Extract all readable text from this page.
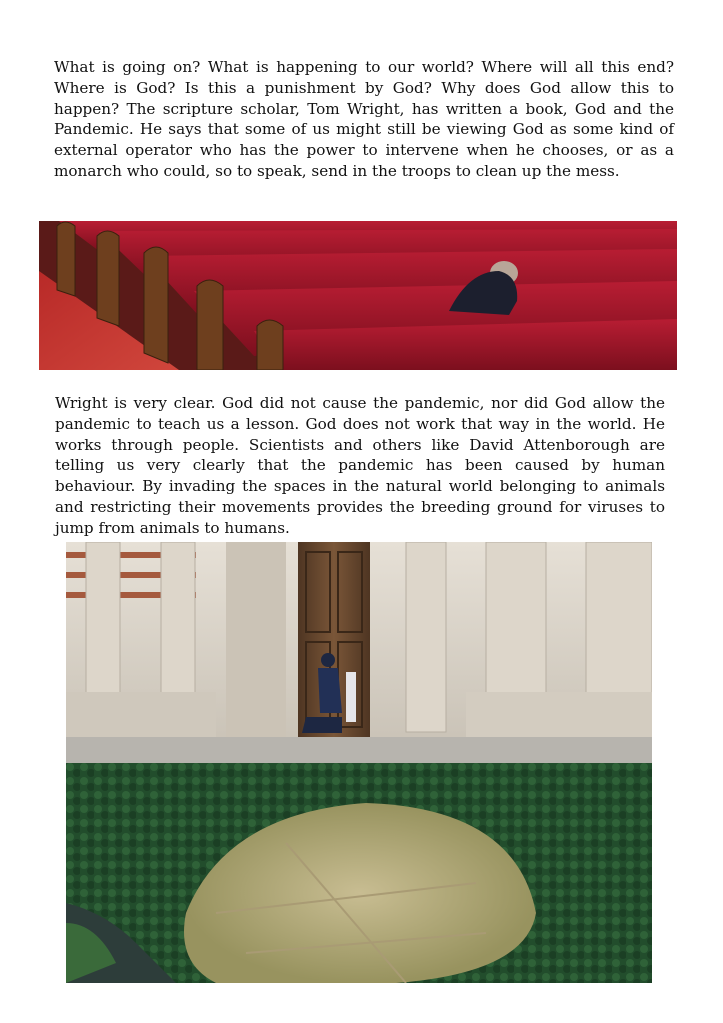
What is going on? What is happening to our world? Where will all this end? Where is God? Is this a punishment by God? Why does God allow this to happen? The scripture scholar, Tom Wright, has written a book, God and the Pandemic. He says that some of us might still be viewing God as some kind of external operator who has the power to intervene when he chooses, or as a monarch who could, so to speak, send in the troops to clean up the mess.

Wright is very clear. God did not cause the pandemic, nor did God allow the pandemic to teach us a lesson. God does not work that way in the world. He works through people. Scientists and others like David Attenborough are telling us very clearly that the pandemic has been caused by human behaviour. By invading the spaces in the natural world belonging to animals and restricting their movements provides the breeding ground for viruses to jump from animals to humans.
